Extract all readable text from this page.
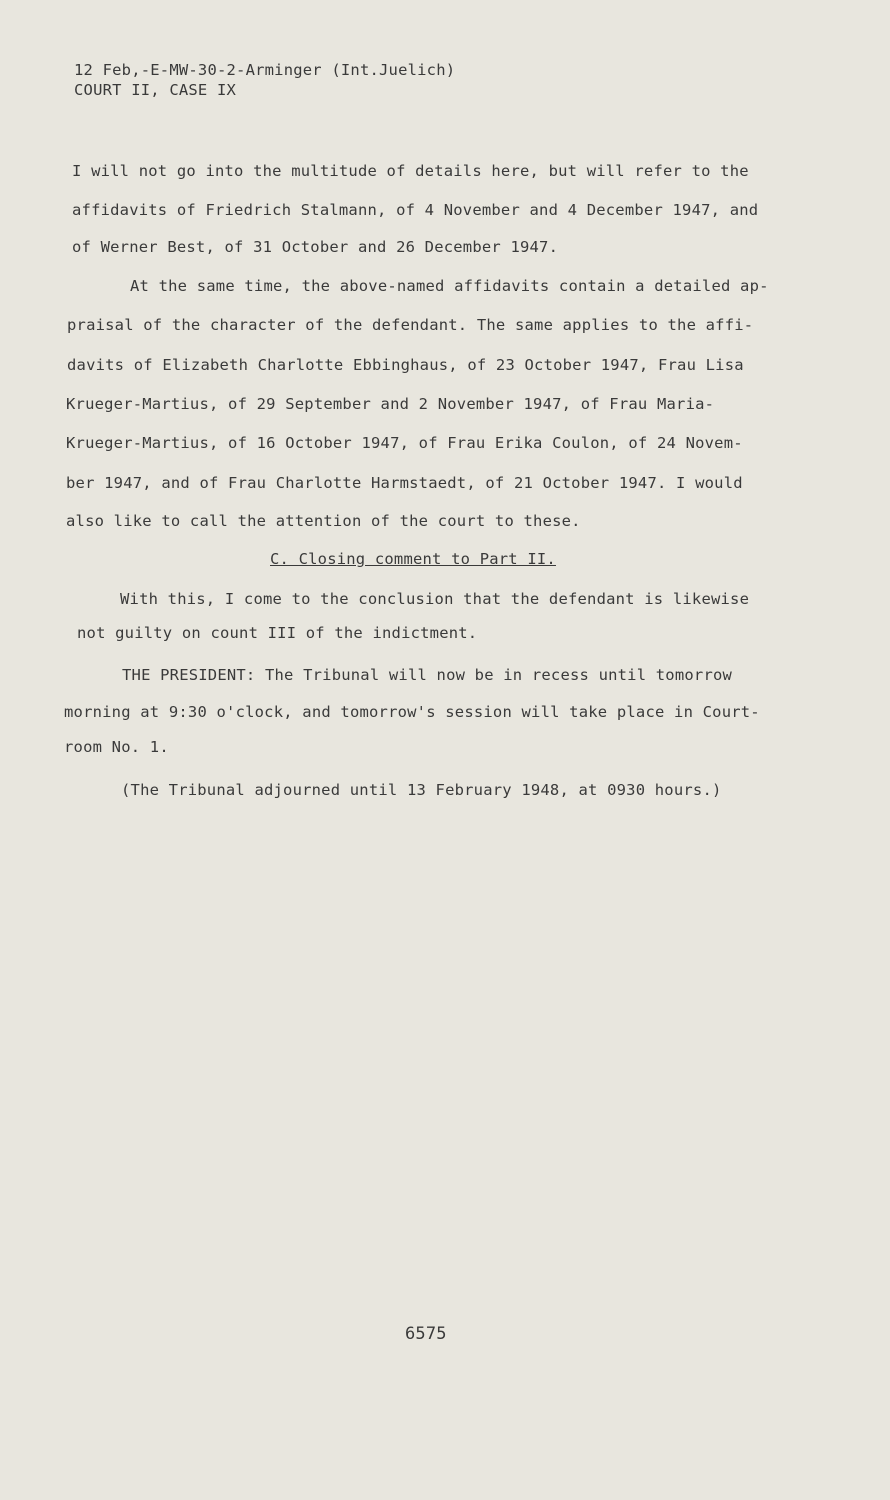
12 Feb,-E-MW-30-2-Arminger (Int.Juelich)
COURT II, CASE IX
I will not go into the multitude of details here, but will refer to the
affidavits of Friedrich Stalmann, of 4 November and 4 December 1947, and
of Werner Best, of 31 October and 26 December 1947.
At the same time, the above-named affidavits contain a detailed ap-
praisal of the character of the defendant. The same applies to the affi-
davits of Elizabeth Charlotte Ebbinghaus, of 23 October 1947, Frau Lisa
Krueger-Martius, of 29 September and 2 November 1947, of Frau Maria-
Krueger-Martius, of 16 October 1947, of Frau Erika Coulon, of 24 Novem-
ber 1947, and of Frau Charlotte Harmstaedt, of 21 October 1947. I would
also like to call the attention of the court to these.
C. Closing comment to Part II.
With this, I come to the conclusion that the defendant is likewise
not guilty on count III of the indictment.
THE PRESIDENT: The Tribunal will now be in recess until tomorrow
morning at 9:30 o'clock, and tomorrow's session will take place in Court-
room No. 1.
(The Tribunal adjourned until 13 February 1948, at 0930 hours.)
6575
